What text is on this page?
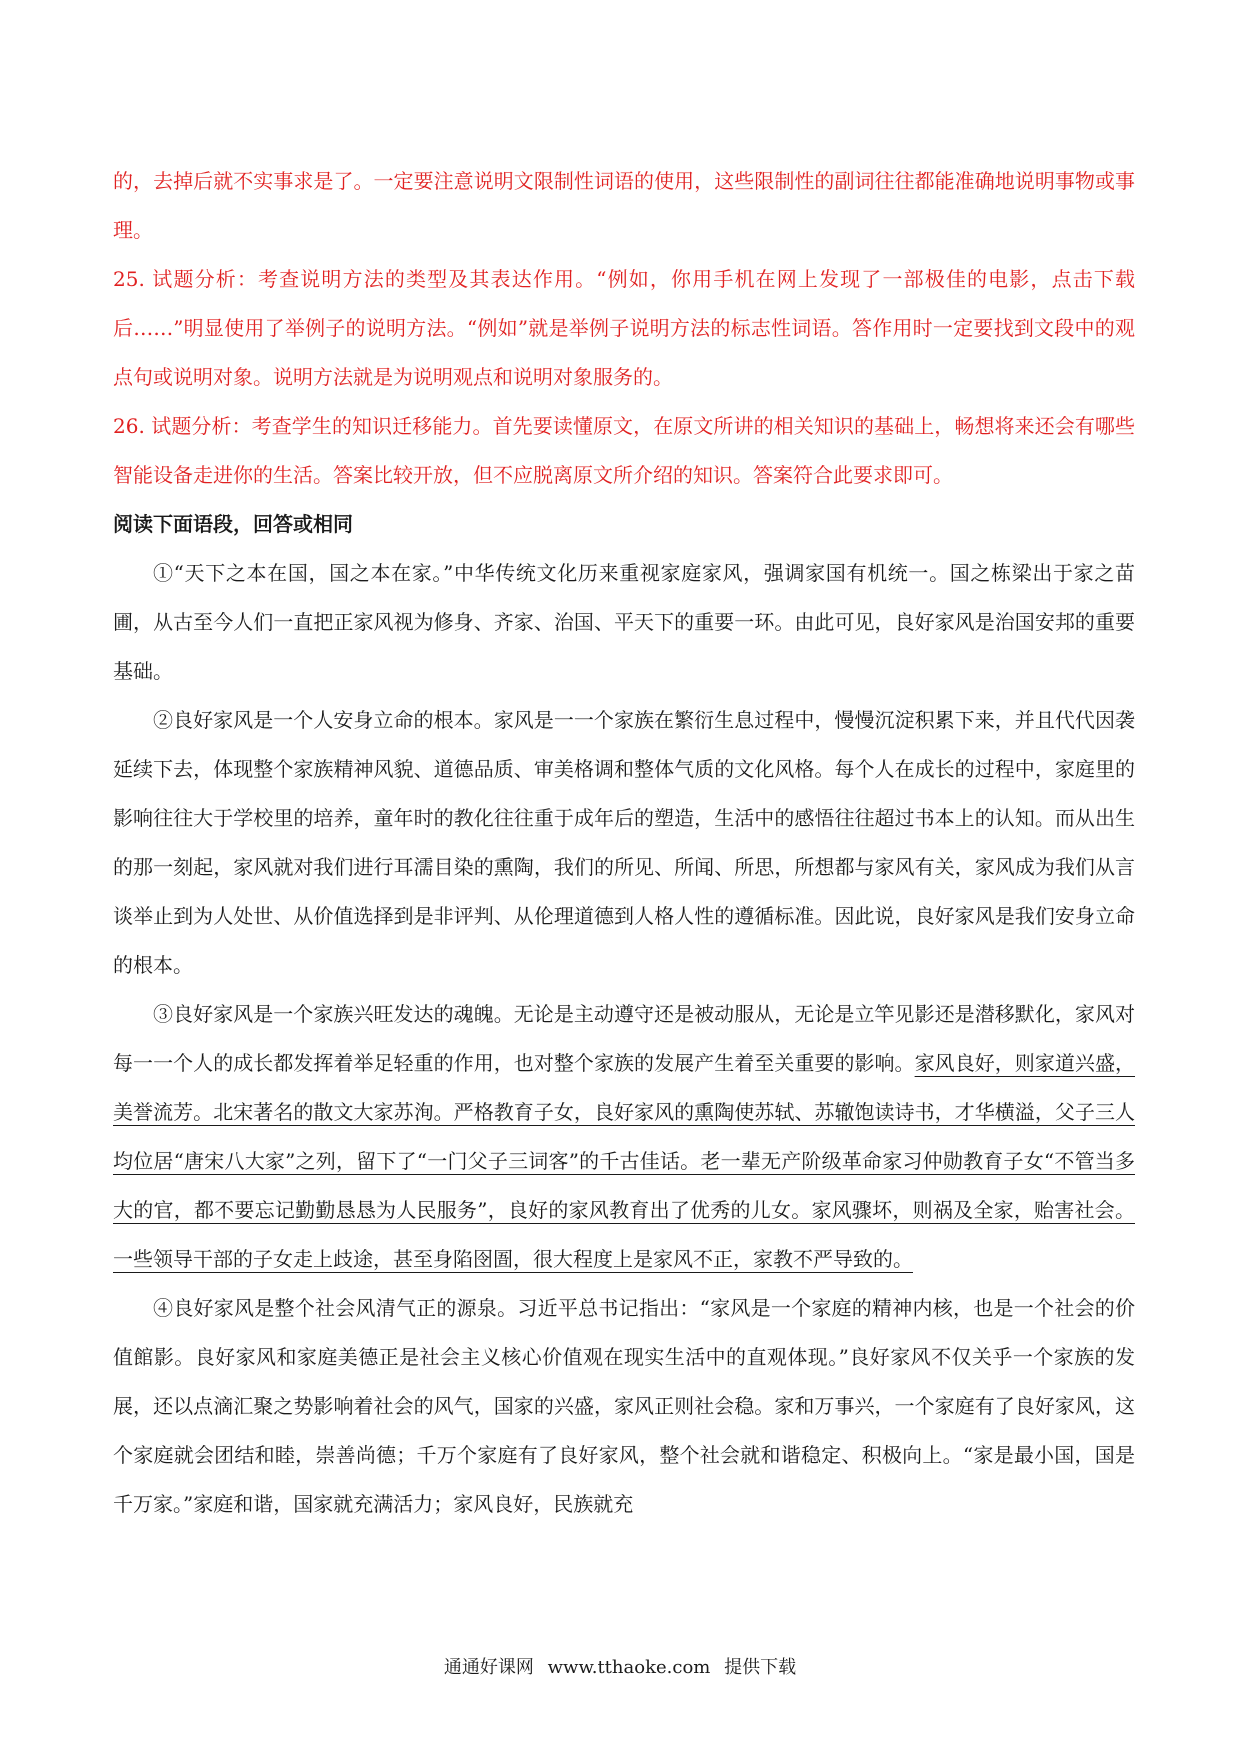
的，去掉后就不实事求是了。一定要注意说明文限制性词语的使用，这些限制性的副词往往都能准确地说明事物或事理。

25. 试题分析：考查说明方法的类型及其表达作用。“例如，你用手机在网上发现了一部极佳的电影，点击下载后……”明显使用了举例子的说明方法。“例如”就是举例子说明方法的标志性词语。答作用时一定要找到文段中的观点句或说明对象。说明方法就是为说明观点和说明对象服务的。

26. 试题分析：考查学生的知识迁移能力。首先要读懂原文，在原文所讲的相关知识的基础上，畅想将来还会有哪些智能设备走进你的生活。答案比较开放，但不应脱离原文所介绍的知识。答案符合此要求即可。

阅读下面语段，回答或相同

①“天下之本在国，国之本在家。”中华传统文化历来重视家庭家风，强调家国有机统一。国之栋梁出于家之苗圃，从古至今人们一直把正家风视为修身、齐家、治国、平天下的重要一环。由此可见，良好家风是治国安邦的重要基础。

②良好家风是一个人安身立命的根本。家风是一一个家族在繁衍生息过程中，慢慢沉淀积累下来，并且代代因袭延续下去，体现整个家族精神风貌、道德品质、审美格调和整体气质的文化风格。每个人在成长的过程中，家庭里的影响往往大于学校里的培养，童年时的教化往往重于成年后的塑造，生活中的感悟往往超过书本上的认知。而从出生的那一刻起，家风就对我们进行耳濡目染的熏陶，我们的所见、所闻、所思，所想都与家风有关，家风成为我们从言谈举止到为人处世、从价值选择到是非评判、从伦理道德到人格人性的遵循标准。因此说，良好家风是我们安身立命的根本。

③良好家风是一个家族兴旺发达的魂魄。无论是主动遵守还是被动服从，无论是立竿见影还是潜移默化，家风对每一一个人的成长都发挥着举足轻重的作用，也对整个家族的发展产生着至关重要的影响。家风良好，则家道兴盛，美誉流芳。北宋著名的散文大家苏洵。严格教育子女，良好家风的熏陶使苏轼、苏辙饱读诗书，才华横溢，父子三人均位居“唐宋八大家”之列，留下了“一门父子三词客”的千古佳话。老一辈无产阶级革命家习仲勋教育子女“不管当多大的官，都不要忘记勤勤恳恳为人民服务”，良好的家风教育出了优秀的儿女。家风骤坏，则祸及全家，贻害社会。一些领导干部的子女走上歧途，甚至身陷囹圄，很大程度上是家风不正，家教不严导致的。

④良好家风是整个社会风清气正的源泉。习近平总书记指出：“家风是一个家庭的精神内核，也是一个社会的价值館影。良好家风和家庭美德正是社会主义核心价值观在现实生活中的直观体现。”良好家风不仅关乎一个家族的发展，还以点滴汇聚之势影响着社会的风气，国家的兴盛，家风正则社会稳。家和万事兴，一个家庭有了良好家风，这个家庭就会团结和睦，崇善尚德；千万个家庭有了良好家风，整个社会就和谐稳定、积极向上。“家是最小国，国是千万家。”家庭和谐，国家就充满活力；家风良好，民族就充

通通好课网 www.tthaoke.com 提供下载
